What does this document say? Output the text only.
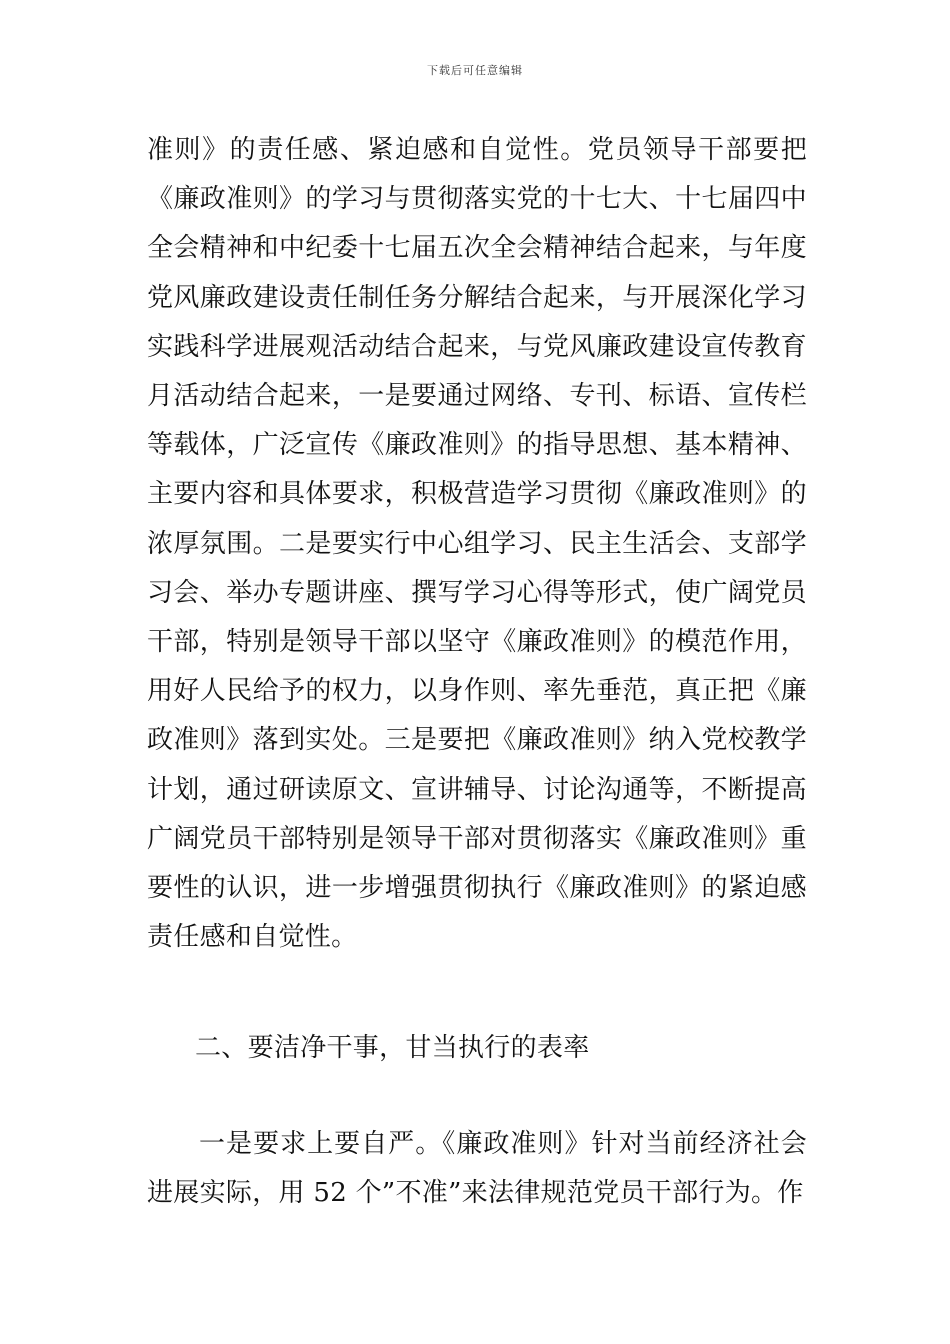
下载后可任意编辑

准则》的责任感、紧迫感和自觉性。党员领导干部要把《廉政准则》的学习与贯彻落实党的十七大、十七届四中全会精神和中纪委十七届五次全会精神结合起来，与年度党风廉政建设责任制任务分解结合起来，与开展深化学习实践科学进展观活动结合起来，与党风廉政建设宣传教育月活动结合起来，一是要通过网络、专刊、标语、宣传栏等载体，广泛宣传《廉政准则》的指导思想、基本精神、主要内容和具体要求，积极营造学习贯彻《廉政准则》的浓厚氛围。二是要实行中心组学习、民主生活会、支部学习会、举办专题讲座、撰写学习心得等形式，使广阔党员干部，特别是领导干部以坚守《廉政准则》的模范作用，用好人民给予的权力，以身作则、率先垂范，真正把《廉政准则》落到实处。三是要把《廉政准则》纳入党校教学计划，通过研读原文、宣讲辅导、讨论沟通等，不断提高广阔党员干部特别是领导干部对贯彻落实《廉政准则》重要性的认识，进一步增强贯彻执行《廉政准则》的紧迫感责任感和自觉性。

二、要洁净干事，甘当执行的表率

一是要求上要自严。《廉政准则》针对当前经济社会进展实际，用 52 个”不准”来法律规范党员干部行为。作
